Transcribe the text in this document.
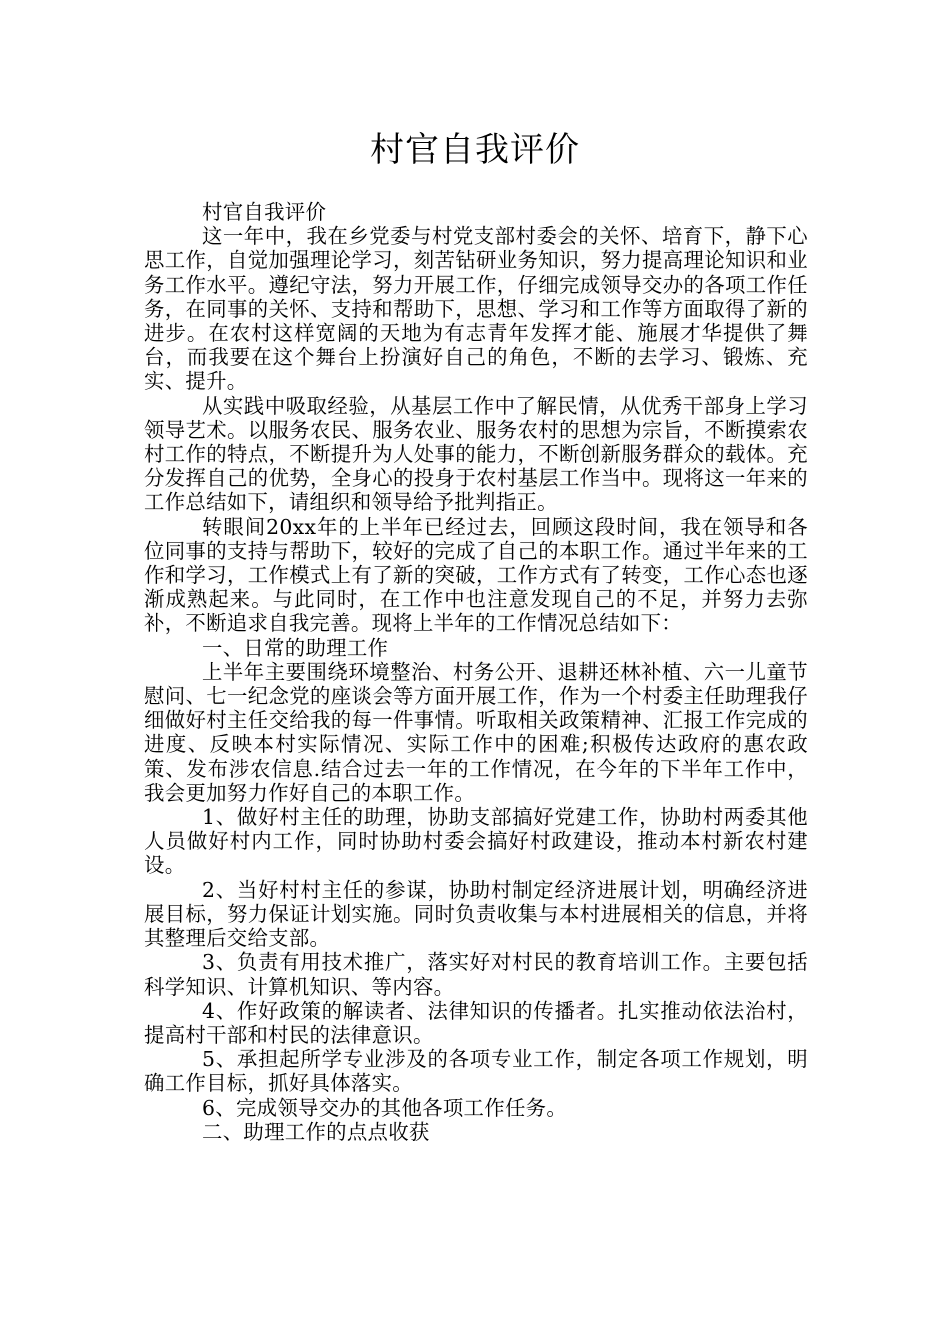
村官自我评价

村官自我评价

这一年中，我在乡党委与村党支部村委会的关怀、培育下，静下心思工作，自觉加强理论学习，刻苦钻研业务知识，努力提高理论知识和业务工作水平。遵纪守法，努力开展工作，仔细完成领导交办的各项工作任务，在同事的关怀、支持和帮助下，思想、学习和工作等方面取得了新的进步。在农村这样宽阔的天地为有志青年发挥才能、施展才华提供了舞台，而我要在这个舞台上扮演好自己的角色，不断的去学习、锻炼、充实、提升。

从实践中吸取经验，从基层工作中了解民情，从优秀干部身上学习领导艺术。以服务农民、服务农业、服务农村的思想为宗旨，不断摸索农村工作的特点，不断提升为人处事的能力，不断创新服务群众的载体。充分发挥自己的优势，全身心的投身于农村基层工作当中。现将这一年来的工作总结如下，请组织和领导给予批判指正。

转眼间20xx年的上半年已经过去，回顾这段时间，我在领导和各位同事的支持与帮助下，较好的完成了自己的本职工作。通过半年来的工作和学习，工作模式上有了新的突破，工作方式有了转变，工作心态也逐渐成熟起来。与此同时，在工作中也注意发现自己的不足，并努力去弥补，不断追求自我完善。现将上半年的工作情况总结如下：

一、日常的助理工作

上半年主要围绕环境整治、村务公开、退耕还林补植、六一儿童节慰问、七一纪念党的座谈会等方面开展工作，作为一个村委主任助理我仔细做好村主任交给我的每一件事情。听取相关政策精神、汇报工作完成的进度、反映本村实际情况、实际工作中的困难;积极传达政府的惠农政策、发布涉农信息.结合过去一年的工作情况，在今年的下半年工作中，我会更加努力作好自己的本职工作。

1、做好村主任的助理，协助支部搞好党建工作，协助村两委其他人员做好村内工作，同时协助村委会搞好村政建设，推动本村新农村建设。

2、当好村村主任的参谋，协助村制定经济进展计划，明确经济进展目标，努力保证计划实施。同时负责收集与本村进展相关的信息，并将其整理后交给支部。

3、负责有用技术推广，落实好对村民的教育培训工作。主要包括科学知识、计算机知识、等内容。

4、作好政策的解读者、法律知识的传播者。扎实推动依法治村，提高村干部和村民的法律意识。

5、承担起所学专业涉及的各项专业工作，制定各项工作规划，明确工作目标，抓好具体落实。

6、完成领导交办的其他各项工作任务。

二、助理工作的点点收获
